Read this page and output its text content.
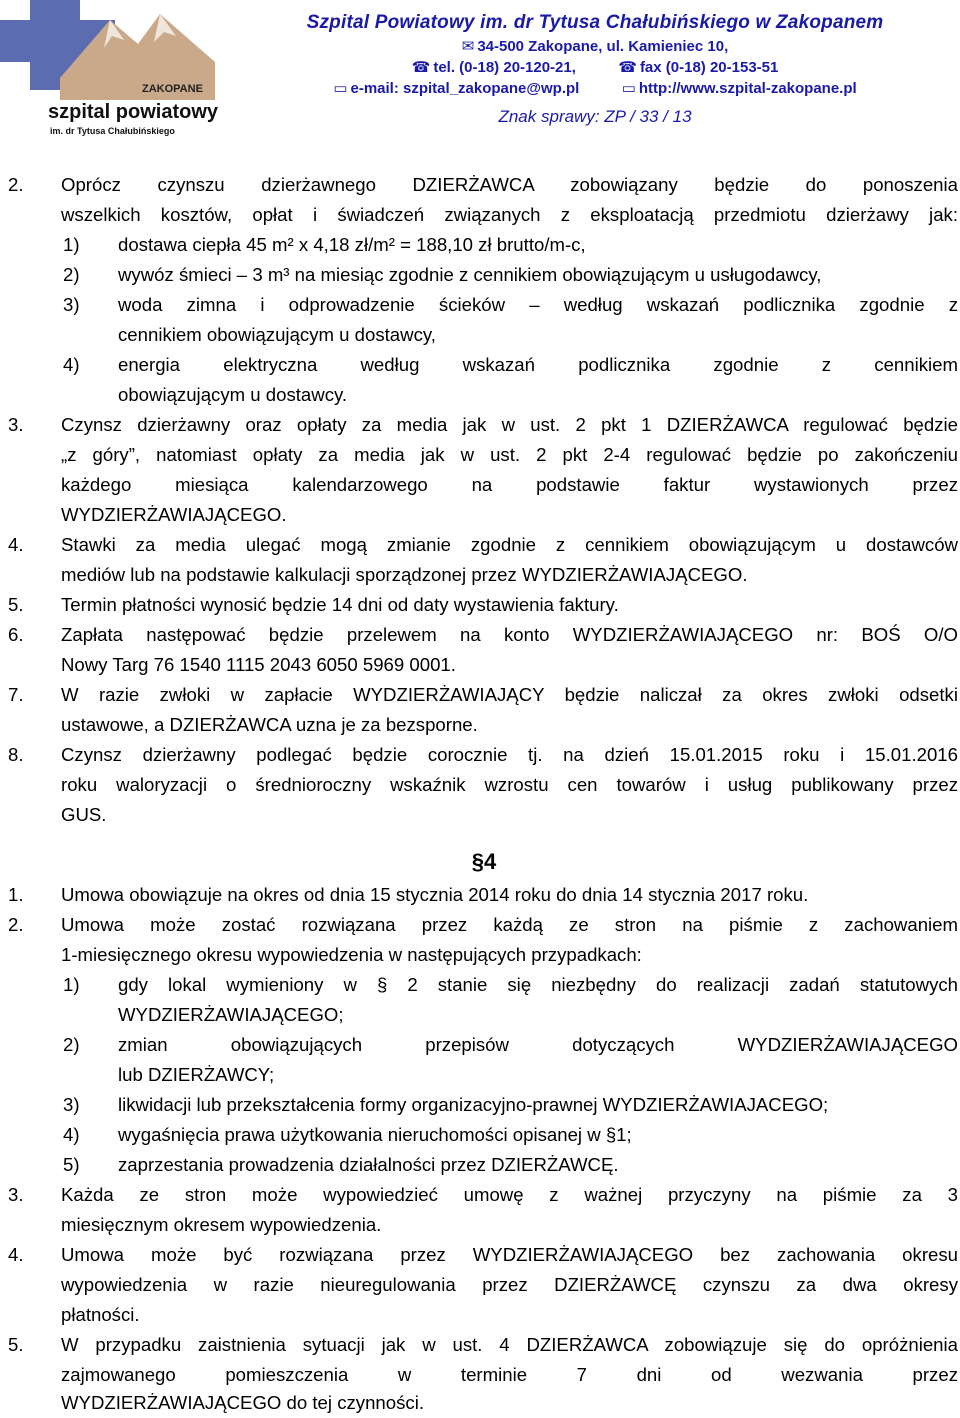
ZAKOPANE
szpital powiatowy
im. dr Tytusa Chałubińskiego
Szpital Powiatowy im. dr Tytusa Chałubińskiego w Zakopanem
✉ 34-500 Zakopane, ul. Kamieniec 10,
☎ tel. (0-18) 20-120-21,	☎ fax (0-18) 20-153-51
▭ e-mail: szpital_zakopane@wp.pl	▭ http://www.szpital-zakopane.pl
Znak sprawy: ZP / 33 / 13
2. Oprócz czynszu dzierżawnego DZIERŻAWCA zobowiązany będzie do ponoszenia
wszelkich kosztów, opłat i świadczeń związanych z eksploatacją przedmiotu dzierżawy jak:
1) dostawa ciepła 45 m² x 4,18 zł/m² = 188,10 zł brutto/m-c,
2) wywóz śmieci – 3 m³ na miesiąc zgodnie z cennikiem obowiązującym u usługodawcy,
3) woda zimna i odprowadzenie ścieków – według wskazań podlicznika zgodnie z
cennikiem obowiązującym u dostawcy,
4) energia elektryczna według wskazań podlicznika zgodnie z cennikiem
obowiązującym u dostawcy.
3. Czynsz dzierżawny oraz opłaty za media jak w ust. 2 pkt 1 DZIERŻAWCA regulować będzie
„z góry”, natomiast opłaty za media jak w ust. 2 pkt 2-4 regulować będzie po zakończeniu
każdego miesiąca kalendarzowego na podstawie faktur wystawionych przez
WYDZIERŻAWIAJĄCEGO.
4. Stawki za media ulegać mogą zmianie zgodnie z cennikiem obowiązującym u dostawców
mediów lub na podstawie kalkulacji sporządzonej przez WYDZIERŻAWIAJĄCEGO.
5. Termin płatności wynosić będzie 14 dni od daty wystawienia faktury.
6. Zapłata następować będzie przelewem na konto WYDZIERŻAWIAJĄCEGO nr: BOŚ O/O
Nowy Targ 76 1540 1115 2043 6050 5969 0001.
7. W razie zwłoki w zapłacie WYDZIERŻAWIAJĄCY będzie naliczał za okres zwłoki odsetki
ustawowe, a DZIERŻAWCA uzna je za bezsporne.
8. Czynsz dzierżawny podlegać będzie corocznie tj. na dzień 15.01.2015 roku i 15.01.2016
roku waloryzacji o średnioroczny wskaźnik wzrostu cen towarów i usług publikowany przez
GUS.
§4
1. Umowa obowiązuje na okres od dnia 15 stycznia 2014 roku do dnia 14 stycznia 2017 roku.
2. Umowa może zostać rozwiązana przez każdą ze stron na piśmie z zachowaniem
1-miesięcznego okresu wypowiedzenia w następujących przypadkach:
1) gdy lokal wymieniony w § 2 stanie się niezbędny do realizacji zadań statutowych
WYDZIERŻAWIAJĄCEGO;
2) zmian obowiązujących przepisów dotyczących WYDZIERŻAWIAJĄCEGO
lub DZIERŻAWCY;
3) likwidacji lub przekształcenia formy organizacyjno-prawnej WYDZIERŻAWIAJACEGO;
4) wygaśnięcia prawa użytkowania nieruchomości opisanej w §1;
5) zaprzestania prowadzenia działalności przez DZIERŻAWCĘ.
3. Każda ze stron może wypowiedzieć umowę z ważnej przyczyny na piśmie za 3
miesięcznym okresem wypowiedzenia.
4. Umowa może być rozwiązana przez WYDZIERŻAWIAJĄCEGO bez zachowania okresu
wypowiedzenia w razie nieuregulowania przez DZIERŻAWCĘ czynszu za dwa okresy
płatności.
5. W przypadku zaistnienia sytuacji jak w ust. 4 DZIERŻAWCA zobowiązuje się do opróżnienia
zajmowanego pomieszczenia w terminie 7 dni od wezwania przez
WYDZIERŻAWIAJĄCEGO do tej czynności.
